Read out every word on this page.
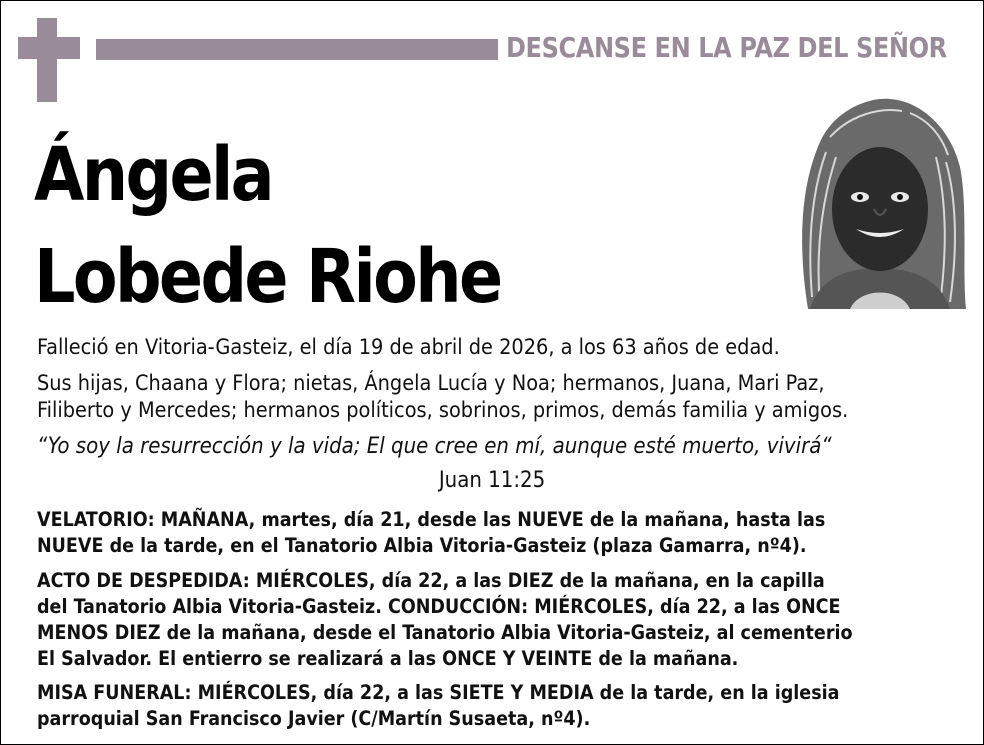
DESCANSE EN LA PAZ DEL SEÑOR
Ángela
Lobede Riohe
Falleció en Vitoria-Gasteiz, el día 19 de abril de 2026, a los 63 años de edad.
Sus hijas, Chaana y Flora; nietas, Ángela Lucía y Noa; hermanos, Juana, Mari Paz,
Filiberto y Mercedes; hermanos políticos, sobrinos, primos, demás familia y amigos.
“Yo soy la resurrección y la vida; El que cree en mí, aunque esté muerto, vivirá“
Juan 11:25
VELATORIO: MAÑANA, martes, día 21, desde las NUEVE de la mañana, hasta las
NUEVE de la tarde, en el Tanatorio Albia Vitoria-Gasteiz (plaza Gamarra, nº4).
ACTO DE DESPEDIDA: MIÉRCOLES, día 22, a las DIEZ de la mañana, en la capilla
del Tanatorio Albia Vitoria-Gasteiz. CONDUCCIÓN: MIÉRCOLES, día 22, a las ONCE
MENOS DIEZ de la mañana, desde el Tanatorio Albia Vitoria-Gasteiz, al cementerio
El Salvador. El entierro se realizará a las ONCE Y VEINTE de la mañana.
MISA FUNERAL: MIÉRCOLES, día 22, a las SIETE Y MEDIA de la tarde, en la iglesia
parroquial San Francisco Javier (C/Martín Susaeta, nº4).
